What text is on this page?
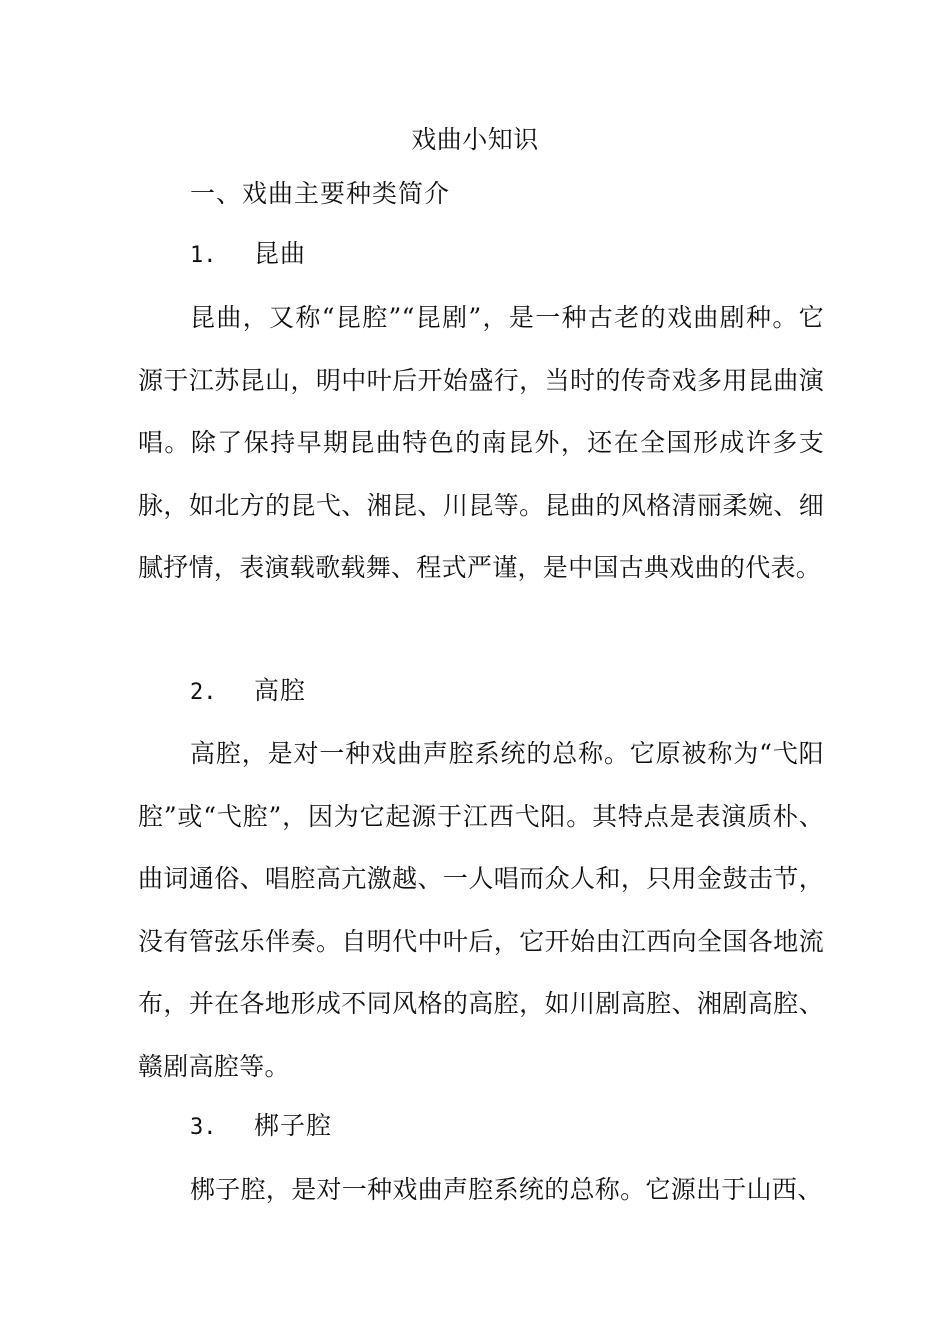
戏曲小知识
一、戏曲主要种类简介
1. 昆曲

昆曲，又称“昆腔”“昆剧”，是一种古老的戏曲剧种。它源于江苏昆山，明中叶后开始盛行，当时的传奇戏多用昆曲演唱。除了保持早期昆曲特色的南昆外，还在全国形成许多支脉，如北方的昆弋、湘昆、川昆等。昆曲的风格清丽柔婉、细腻抒情，表演载歌载舞、程式严谨，是中国古典戏曲的代表。

2. 高腔

高腔，是对一种戏曲声腔系统的总称。它原被称为“弋阳腔”或“弋腔”，因为它起源于江西弋阳。其特点是表演质朴、曲词通俗、唱腔高亢激越、一人唱而众人和，只用金鼓击节，没有管弦乐伴奏。自明代中叶后，它开始由江西向全国各地流布，并在各地形成不同风格的高腔，如川剧高腔、湘剧高腔、赣剧高腔等。

3. 梆子腔

梆子腔，是对一种戏曲声腔系统的总称。它源出于山西、
